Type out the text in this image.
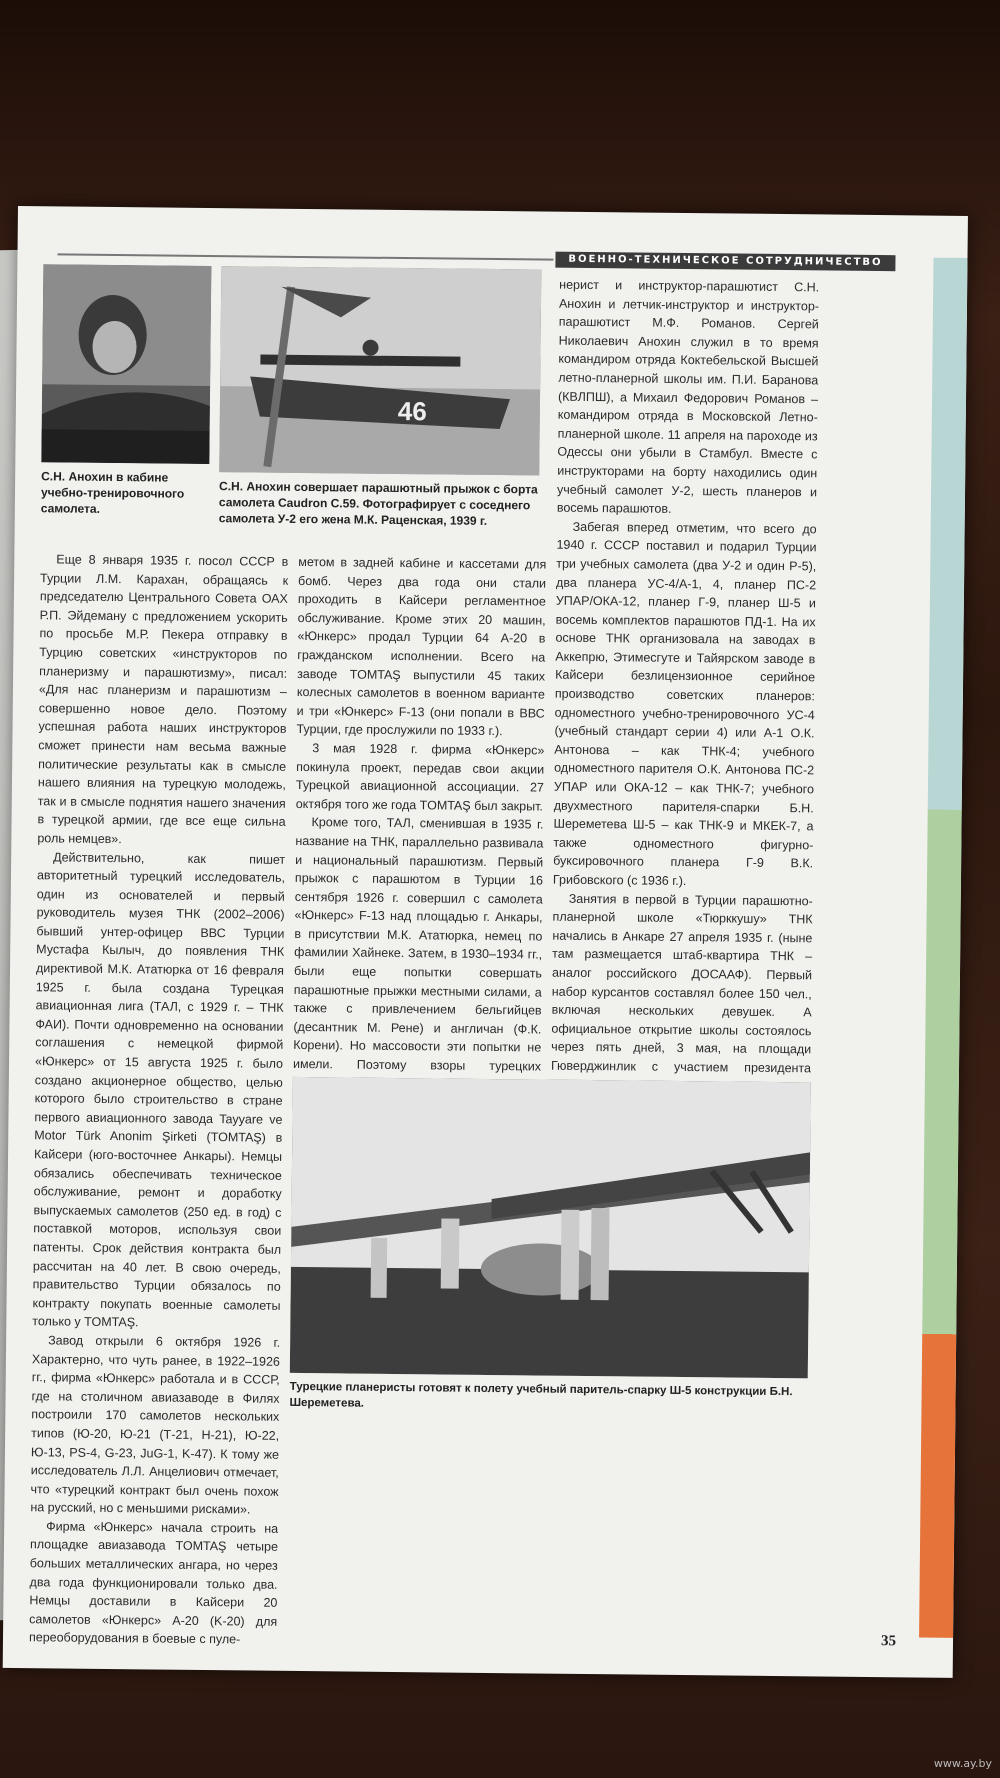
ВОЕННО-ТЕХНИЧЕСКОЕ СОТРУДНИЧЕСТВО
С.Н. Анохин в кабине учебно-тренировочного самолета.
46
С.Н. Анохин совершает парашютный прыжок с борта самолета Caudron C.59. Фотографирует с соседнего самолета У-2 его жена М.К. Раценская, 1939 г.

Еще 8 января 1935 г. посол СССР в Турции Л.М. Карахан, обращаясь к председателю Центрального Совета ОАХ Р.П. Эйдеману с предложением ускорить по просьбе М.Р. Пекера отправку в Турцию советских «инструкторов по планеризму и парашютизму», писал: «Для нас планеризм и парашютизм – совершенно новое дело. Поэтому успешная работа наших инструкторов сможет принести нам весьма важные политические результаты как в смысле нашего влияния на турецкую молодежь, так и в смысле поднятия нашего значения в турецкой армии, где все еще сильна роль немцев».

Действительно, как пишет авторитетный турецкий исследователь, один из основателей и первый руководитель музея ТНК (2002–2006) бывший унтер-офицер ВВС Турции Мустафа Кылыч, до появления ТНК директивой М.К. Ататюрка от 16 февраля 1925 г. была создана Турецкая авиационная лига (ТАЛ, с 1929 г. – ТНК ФАИ). Почти одновременно на основании соглашения с немецкой фирмой «Юнкерс» от 15 августа 1925 г. было создано акционерное общество, целью которого было строительство в стране первого авиационного завода Tayyare ve Motor Türk Anonim Şirketi (TOMTAŞ) в Кайсери (юго-восточнее Анкары). Немцы обязались обеспечивать техническое обслуживание, ремонт и доработку выпускаемых самолетов (250 ед. в год) с поставкой моторов, используя свои патенты. Срок действия контракта был рассчитан на 40 лет. В свою очередь, правительство Турции обязалось по контракту покупать военные самолеты только у TOMTAŞ.

Завод открыли 6 октября 1926 г. Характерно, что чуть ранее, в 1922–1926 гг., фирма «Юнкерс» работала и в СССР, где на столичном авиазаводе в Филях построили 170 самолетов нескольких типов (Ю-20, Ю-21 (Т-21, Н-21), Ю-22, Ю-13, PS-4, G-23, JuG-1, K-47). К тому же исследователь Л.Л. Анцелиович отмечает, что «турецкий контракт был очень похож на русский, но с меньшими рисками».

Фирма «Юнкерс» начала строить на площадке авиазавода TOMTAŞ четыре больших металлических ангара, но через два года функционировали только два. Немцы доставили в Кайсери 20 самолетов «Юнкерс» A-20 (K-20) для переоборудования в боевые с пуле-

метом в задней кабине и кассетами для бомб. Через два года они стали проходить в Кайсери регламентное обслуживание. Кроме этих 20 машин, «Юнкерс» продал Турции 64 A-20 в гражданском исполнении. Всего на заводе TOMTAŞ выпустили 45 таких колесных самолетов в военном варианте и три «Юнкерс» F-13 (они попали в ВВС Турции, где прослужили по 1933 г.).

3 мая 1928 г. фирма «Юнкерс» покинула проект, передав свои акции Турецкой авиационной ассоциации. 27 октября того же года TOMTAŞ был закрыт.

Кроме того, ТАЛ, сменившая в 1935 г. название на ТНК, параллельно развивала и национальный парашютизм. Первый прыжок с парашютом в Турции 16 сентября 1926 г. совершил с самолета «Юнкерс» F-13 над площадью г. Анкары, в присутствии М.К. Ататюрка, немец по фамилии Хайнеке. Затем, в 1930–1934 гг., были еще попытки совершать парашютные прыжки местными силами, а также с привлечением бельгийцев (десантник М. Рене) и англичан (Ф.К. Корени). Но массовости эти попытки не имели. Поэтому взоры турецких

нерист и инструктор-парашютист С.Н. Анохин и летчик-инструктор и инструктор-парашютист М.Ф. Романов. Сергей Николаевич Анохин служил в то время командиром отряда Коктебельской Высшей летно-планерной школы им. П.И. Баранова (КВЛПШ), а Михаил Федорович Романов – командиром отряда в Московской Летно-планерной школе. 11 апреля на пароходе из Одессы они убыли в Стамбул. Вместе с инструкторами на борту находились один учебный самолет У-2, шесть планеров и восемь парашютов.

Забегая вперед отметим, что всего до 1940 г. СССР поставил и подарил Турции три учебных самолета (два У-2 и один Р-5), два планера УС-4/А-1, 4, планер ПС-2 УПАР/ОКА-12, планер Г-9, планер Ш-5 и восемь комплектов парашютов ПД-1. На их основе ТНК организовала на заводах в Аккепрю, Этимесгуте и Тайярском заводе в Кайсери безлицензионное серийное производство советских планеров: одноместного учебно-тренировочного УС-4 (учебный стандарт серии 4) или А-1 О.К. Антонова – как ТНК-4; учебного одноместного парителя О.К. Антонова ПС-2 УПАР или ОКА-12 – как ТНК-7; учебного двухместного парителя-спарки Б.Н. Шереметева Ш-5 – как ТНК-9 и МКЕК-7, а также одноместного фигурно-буксировочного планера Г-9 В.К. Грибовского (с 1936 г.).

Занятия в первой в Турции парашютно-планерной школе «Тюрккушу» ТНК начались в Анкаре 27 апреля 1935 г. (ныне там размещается штаб-квартира ТНК – аналог российского ДОСААФ). Первый набор курсантов составлял более 150 чел., включая нескольких девушек. А официальное открытие школы состоялось через пять дней, 3 мая, на площади Гюверджинлик с участием президента

Турецкие планеристы готовят к полету учебный паритель-спарку Ш-5 конструкции Б.Н. Шереметева.
35
www.ay.by
